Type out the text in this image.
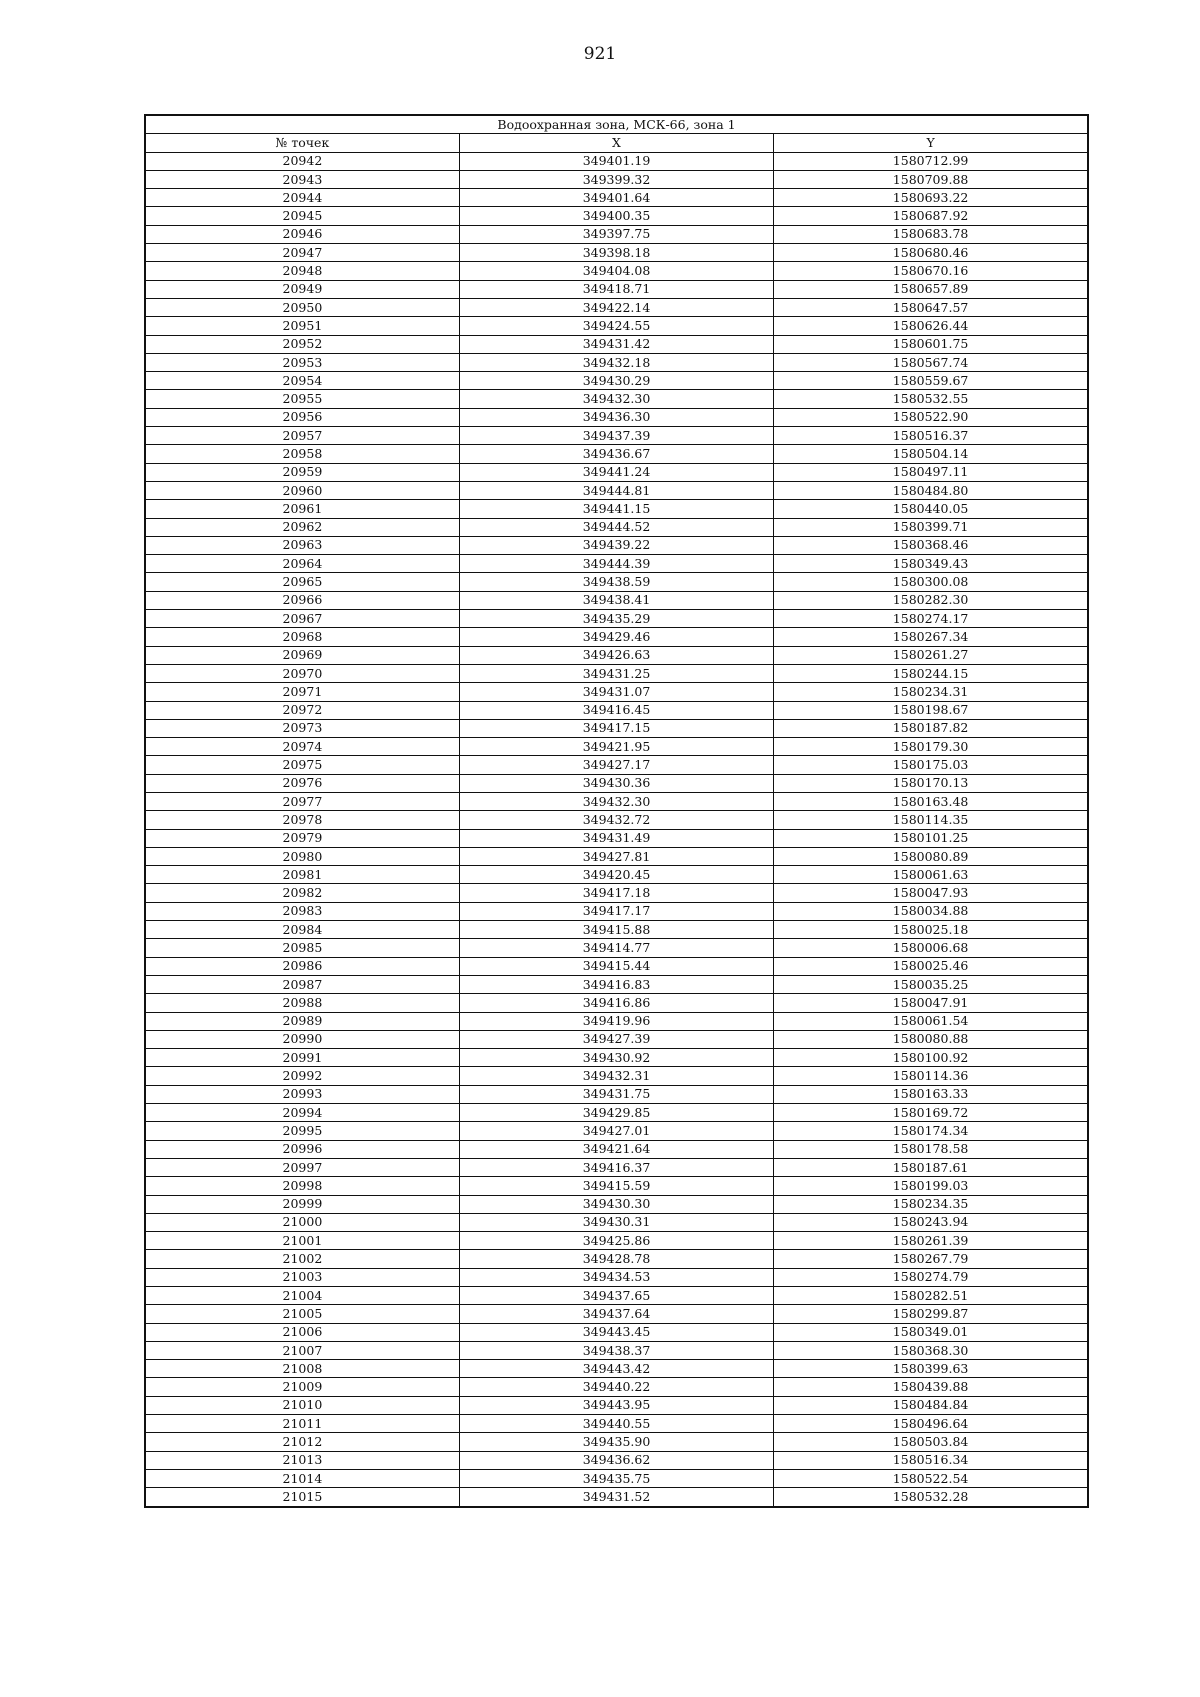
921
Водоохранная зона, МСК-66, зона 1		
№ точек	X	Y
20942	349401.19	1580712.99
20943	349399.32	1580709.88
20944	349401.64	1580693.22
20945	349400.35	1580687.92
20946	349397.75	1580683.78
20947	349398.18	1580680.46
20948	349404.08	1580670.16
20949	349418.71	1580657.89
20950	349422.14	1580647.57
20951	349424.55	1580626.44
20952	349431.42	1580601.75
20953	349432.18	1580567.74
20954	349430.29	1580559.67
20955	349432.30	1580532.55
20956	349436.30	1580522.90
20957	349437.39	1580516.37
20958	349436.67	1580504.14
20959	349441.24	1580497.11
20960	349444.81	1580484.80
20961	349441.15	1580440.05
20962	349444.52	1580399.71
20963	349439.22	1580368.46
20964	349444.39	1580349.43
20965	349438.59	1580300.08
20966	349438.41	1580282.30
20967	349435.29	1580274.17
20968	349429.46	1580267.34
20969	349426.63	1580261.27
20970	349431.25	1580244.15
20971	349431.07	1580234.31
20972	349416.45	1580198.67
20973	349417.15	1580187.82
20974	349421.95	1580179.30
20975	349427.17	1580175.03
20976	349430.36	1580170.13
20977	349432.30	1580163.48
20978	349432.72	1580114.35
20979	349431.49	1580101.25
20980	349427.81	1580080.89
20981	349420.45	1580061.63
20982	349417.18	1580047.93
20983	349417.17	1580034.88
20984	349415.88	1580025.18
20985	349414.77	1580006.68
20986	349415.44	1580025.46
20987	349416.83	1580035.25
20988	349416.86	1580047.91
20989	349419.96	1580061.54
20990	349427.39	1580080.88
20991	349430.92	1580100.92
20992	349432.31	1580114.36
20993	349431.75	1580163.33
20994	349429.85	1580169.72
20995	349427.01	1580174.34
20996	349421.64	1580178.58
20997	349416.37	1580187.61
20998	349415.59	1580199.03
20999	349430.30	1580234.35
21000	349430.31	1580243.94
21001	349425.86	1580261.39
21002	349428.78	1580267.79
21003	349434.53	1580274.79
21004	349437.65	1580282.51
21005	349437.64	1580299.87
21006	349443.45	1580349.01
21007	349438.37	1580368.30
21008	349443.42	1580399.63
21009	349440.22	1580439.88
21010	349443.95	1580484.84
21011	349440.55	1580496.64
21012	349435.90	1580503.84
21013	349436.62	1580516.34
21014	349435.75	1580522.54
21015	349431.52	1580532.28
